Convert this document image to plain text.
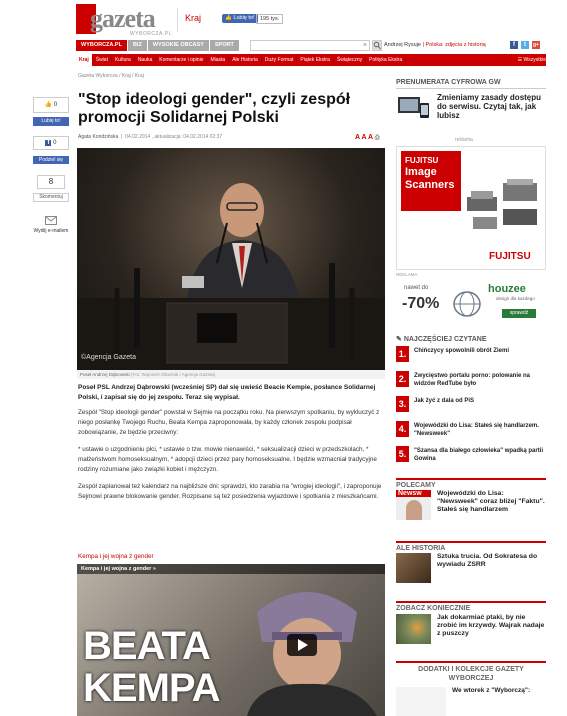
gazeta
WYBORCZA.PL
Kraj	👍 Lubię to!	195 tys.
WYBORCZA.PL	BIZ	WYSOKIE OBCASY	SPORT	×	Andrzej Rysuje | Polska: zdjęcia z historią	f	t	g+
Kraj	Świat	Kultura	Nauka	Komentarze i opinie	Miasta	Ale Historia	Duży Format	Piątek Ekstra	Świąteczny	Polityka Ekstra	☰ Wszystkie
👍 0
Lubię to!
f 0
Podziel się
8
Skomentuj
Wyślij e-mailem
Gazeta Wyborcza / Kraj / Kraj
"Stop ideologi gender", czyli zespół promocji Solidarnej Polski
Agata Kondzińska  |  04.02.2014 , aktualizacja: 04.02.2014 02:37	A A A ⎙
©Agencja Gazeta
Poseł Andrzej Dąbrowski (Fot. Wojciech Olkuśnik / Agencja Gazeta)
Poseł PSL Andrzej Dąbrowski (wcześniej SP) dał się uwieść Beacie Kempie, posłance Solidarnej Polski, i zapisał się do jej zespołu. Teraz się wypisał.

Zespół "Stop ideologii gender" powstał w Sejmie na początku roku. Na pierwszym spotkaniu, by wykluczyć z niego posłankę Twojego Ruchu, Beata Kempa zaproponowała, by każdy członek zespołu podpisał zobowiązanie, że będzie przeciwny:

* ustawie o uzgodnieniu płci, * ustawie o tzw. mowie nienawiści, * seksualizacji dzieci w przedszkolach, * małżeństwom homoseksualnym, * adopcji dzieci przez pary homoseksualne. I będzie wzmacniał tradycyjne rodziny rozumiane jako związki kobiet i mężczyzn.

Zespół zaplanował też kalendarz na najbliższe dni: sprawdzi, kto zarabia na "wrogiej ideologii", i zaproponuje Sejmowi prawne blokowanie gender. Rozpisane są też posiedzenia wyjazdowe i spotkania z mieszkańcami.

Kempa i jej wojna z gender
Kempa i jej wojna z gender »
BEATA
KEMPA
PRENUMERATA CYFROWA GW
Zmieniamy zasady dostępu do serwisu. Czytaj tak, jak lubisz
reklama
FUJITSU
Image
Scanners
FUJITSU
REKLAMA
nawet do
-70%
houzee
design dla każdego
sprawdź
✎ NAJCZĘŚCIEJ CZYTANE
1.	Chińczycy spowolnili obrót Ziemi
2.	Zwycięstwo portalu porno: polowanie na widzów RedTube było
3.	Jak żyć z dala od PiS
4.	Wojewódzki do Lisa: Stałeś się handlarzem. "Newsweek"
5.	"Szansa dla białego człowieka" wpadką partii Gowina
POLECAMY
Newsw	Wojewódzki do Lisa: "Newsweek" coraz bliżej "Faktu". Stałeś się handlarzem
ALE HISTORIA
Sztuka trucia. Od Sokratesa do wywiadu ZSRR
ZOBACZ KONIECZNIE
Jak dokarmiać ptaki, by nie zrobić im krzywdy. Wajrak nadaje z puszczy
DODATKI I KOLEKCJE GAZETY WYBORCZEJ
We wtorek z "Wyborczą":
